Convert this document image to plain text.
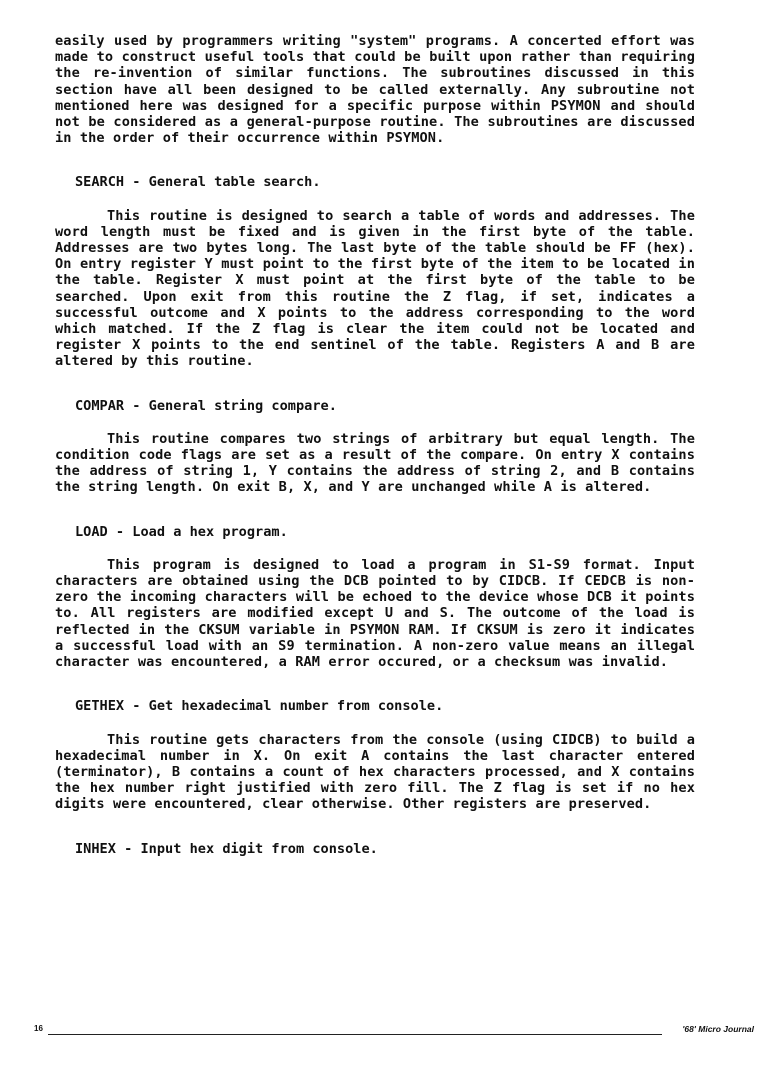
easily used by programmers writing "system" programs. A concerted effort was made to construct useful tools that could be built upon rather than requiring the re-invention of similar functions. The subroutines discussed in this section have all been designed to be called externally. Any subroutine not mentioned here was designed for a specific purpose within PSYMON and should not be considered as a general-purpose routine. The subroutines are discussed in the order of their occurrence within PSYMON.

SEARCH - General table search.

This routine is designed to search a table of words and addresses. The word length must be fixed and is given in the first byte of the table. Addresses are two bytes long. The last byte of the table should be FF (hex). On entry register Y must point to the first byte of the item to be located in the table. Register X must point at the first byte of the table to be searched. Upon exit from this routine the Z flag, if set, indicates a successful outcome and X points to the address corresponding to the word which matched. If the Z flag is clear the item could not be located and register X points to the end sentinel of the table. Registers A and B are altered by this routine.

COMPAR - General string compare.

This routine compares two strings of arbitrary but equal length. The condition code flags are set as a result of the compare. On entry X contains the address of string 1, Y contains the address of string 2, and B contains the string length. On exit B, X, and Y are unchanged while A is altered.

LOAD - Load a hex program.

This program is designed to load a program in S1-S9 format. Input characters are obtained using the DCB pointed to by CIDCB. If CEDCB is non-zero the incoming characters will be echoed to the device whose DCB it points to. All registers are modified except U and S. The outcome of the load is reflected in the CKSUM variable in PSYMON RAM. If CKSUM is zero it indicates a successful load with an S9 termination. A non-zero value means an illegal character was encountered, a RAM error occured, or a checksum was invalid.

GETHEX - Get hexadecimal number from console.

This routine gets characters from the console (using CIDCB) to build a hexadecimal number in X. On exit A contains the last character entered (terminator), B contains a count of hex characters processed, and X contains the hex number right justified with zero fill. The Z flag is set if no hex digits were encountered, clear otherwise. Other registers are preserved.

INHEX - Input hex digit from console.

16	'68' Micro Journal
